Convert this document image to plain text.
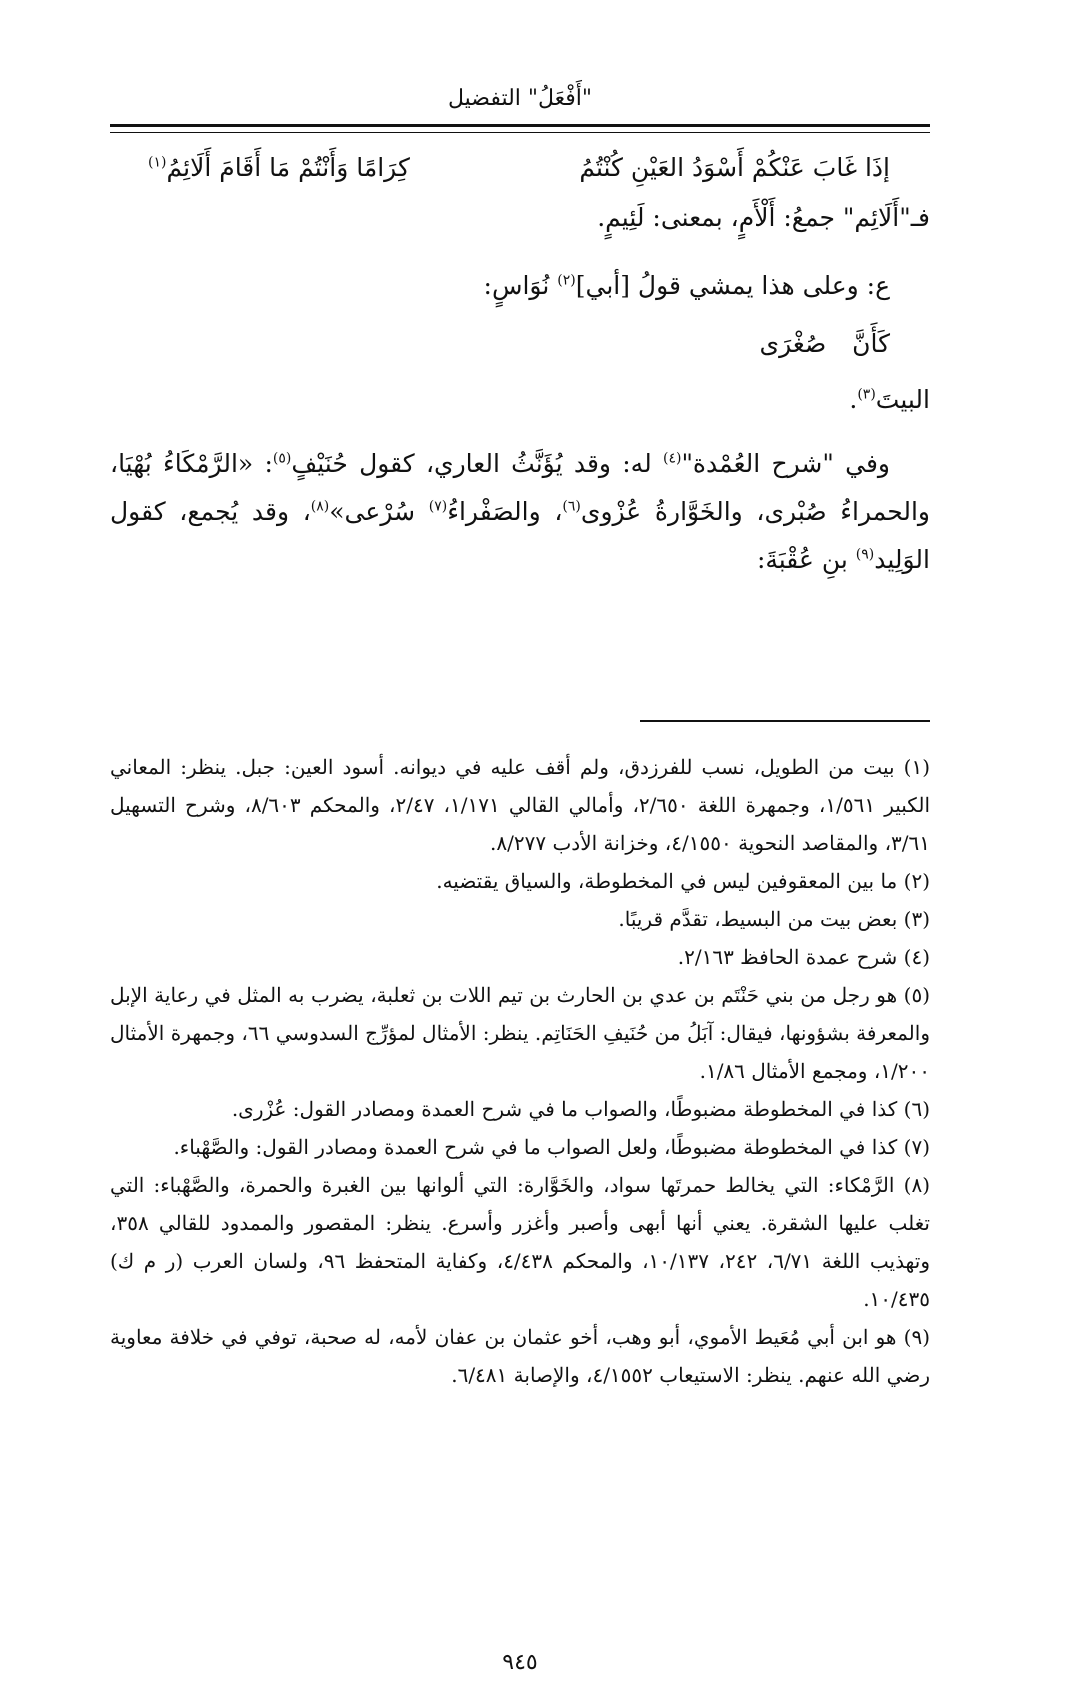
"أَفْعَلُ" التفضيل
إذَا غَابَ عَنْكُمْ أَسْوَدُ العَيْنِ كُنْتُمُ
كِرَامًا وَأَنْتُمْ مَا أَقَامَ أَلَائِمُ$^{(١)}$
فـ"أَلَائِم" جمعُ: أَلْأَمٍ، بمعنى: لَئِيمٍ.
ع: وعلى هذا يمشي قولُ [أبي]$^{(٢)}$ نُوَاسٍ:
كَأَنَّ صُغْرَى
البيتَ$^{(٣)}$.
وفي "شرح العُمْدة"$^{(٤)}$ له: وقد يُؤَنَّثُ العاري، كقول حُنَيْفٍ$^{(٥)}$: «الرَّمْكَاءُ بُهْيَا، والحمراءُ صُبْرى، والخَوَّارةُ عُزْوى$^{(٦)}$، والصَفْراءُ$^{(٧)}$ سُرْعى»$^{(٨)}$، وقد يُجمع، كقول الوَلِيد$^{(٩)}$ بنِ عُقْبَةَ:

(١) بيت من الطويل، نسب للفرزدق، ولم أقف عليه في ديوانه. أسود العين: جبل. ينظر: المعاني الكبير ١/٥٦١، وجمهرة اللغة ٢/٦٥٠، وأمالي القالي ١/١٧١، ٢/٤٧، والمحكم ٨/٦٠٣، وشرح التسهيل ٣/٦١، والمقاصد النحوية ٤/١٥٥٠، وخزانة الأدب ٨/٢٧٧.

(٢) ما بين المعقوفين ليس في المخطوطة، والسياق يقتضيه.

(٣) بعض بيت من البسيط، تقدَّم قريبًا.

(٤) شرح عمدة الحافظ ٢/١٦٣.

(٥) هو رجل من بني حَنْتَم بن عدي بن الحارث بن تيم اللات بن ثعلبة، يضرب به المثل في رعاية الإبل والمعرفة بشؤونها، فيقال: آبَلُ من حُنَيفِ الحَنَاتِم. ينظر: الأمثال لمؤرِّج السدوسي ٦٦، وجمهرة الأمثال ١/٢٠٠، ومجمع الأمثال ١/٨٦.

(٦) كذا في المخطوطة مضبوطًا، والصواب ما في شرح العمدة ومصادر القول: عُزْرى.

(٧) كذا في المخطوطة مضبوطًا، ولعل الصواب ما في شرح العمدة ومصادر القول: والصَّهْباء.

(٨) الرَّمْكاء: التي يخالط حمرتَها سواد، والخَوَّارة: التي ألوانها بين الغبرة والحمرة، والصَّهْباء: التي تغلب عليها الشقرة. يعني أنها أبهى وأصبر وأغزر وأسرع. ينظر: المقصور والممدود للقالي ٣٥٨، وتهذيب اللغة ٦/٧١، ٢٤٢، ١٠/١٣٧، والمحكم ٤/٤٣٨، وكفاية المتحفظ ٩٦، ولسان العرب (ر م ك) ١٠/٤٣٥.

(٩) هو ابن أبي مُعَيط الأموي، أبو وهب، أخو عثمان بن عفان لأمه، له صحبة، توفي في خلافة معاوية رضي الله عنهم. ينظر: الاستيعاب ٤/١٥٥٢، والإصابة ٦/٤٨١.

٩٤٥
